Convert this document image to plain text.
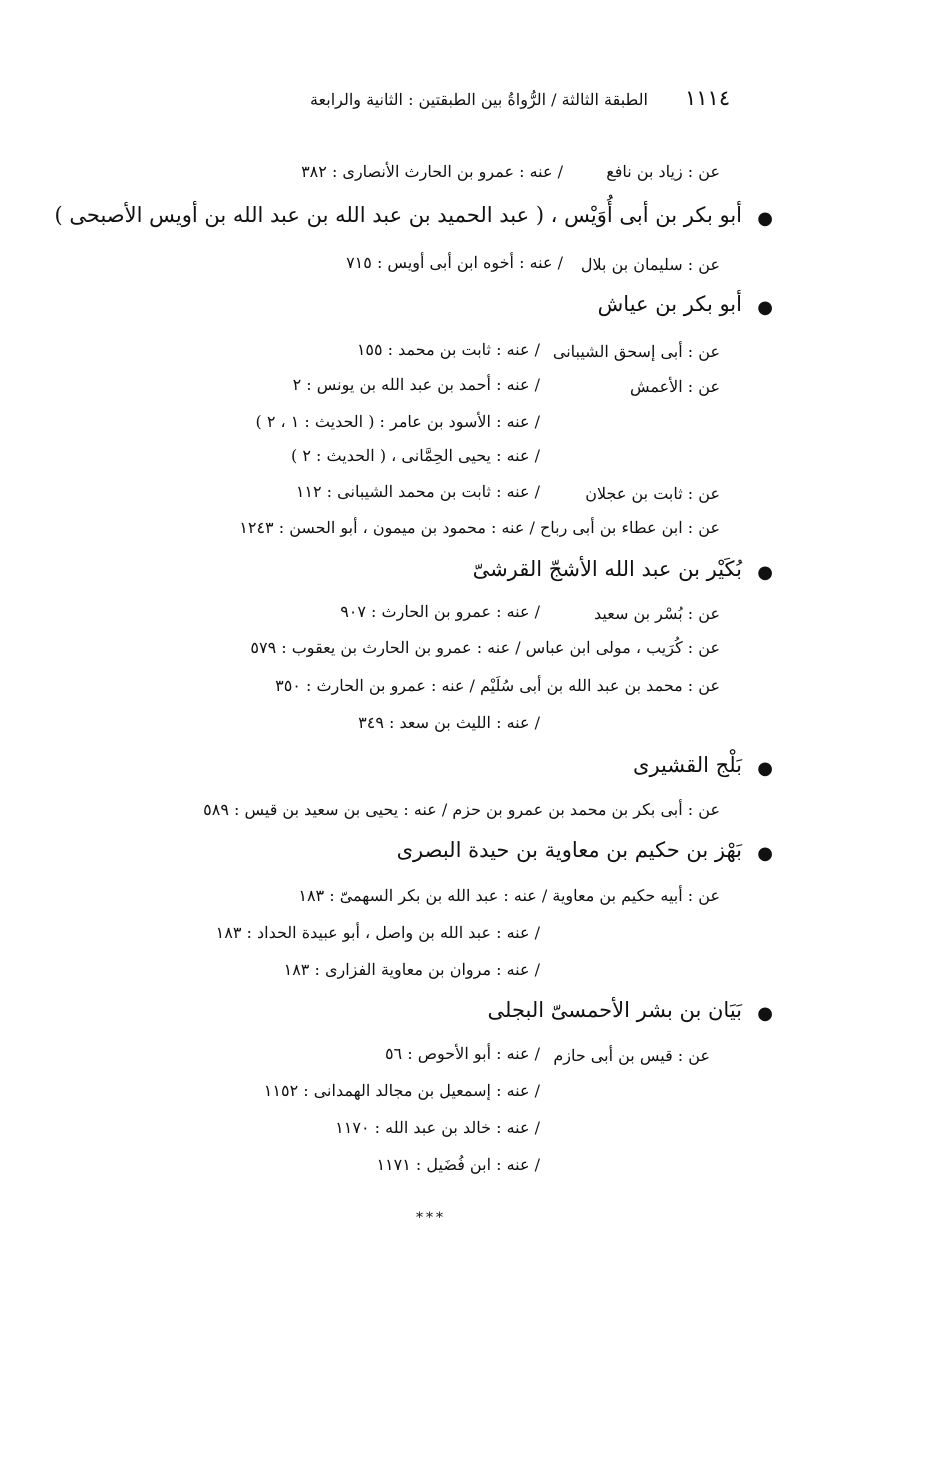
١١١٤
الطبقة الثالثة / الرُّواةُ بين الطبقتين : الثانية والرابعة
عن : زياد بن نافع
/ عنه : عمرو بن الحارث الأنصارى : ٣٨٢
●
أبو بكر بن أبى أُوَيْس ، ( عبد الحميد بن عبد الله بن عبد الله بن أويس الأصبحى )
عن : سليمان بن بلال
/ عنه : أخوه ابن أبى أويس : ٧١٥
●
أبو بكر بن عياش
عن : أبى إسحق الشيبانى
/ عنه : ثابت بن محمد : ١٥٥
عن : الأعمش
/ عنه : أحمد بن عبد الله بن يونس : ٢
/ عنه : الأسود بن عامر : ( الحديث : ١ ، ٢ )
/ عنه : يحيى الحِمَّانى ، ( الحديث : ٢ )
عن : ثابت بن عجلان
/ عنه : ثابت بن محمد الشيبانى : ١١٢
عن : ابن عطاء بن أبى رباح / عنه : محمود بن ميمون ، أبو الحسن : ١٢٤٣
●
بُكَيْر بن عبد الله الأشجّ القرشىّ
عن : بُسْر بن سعيد
/ عنه : عمرو بن الحارث : ٩٠٧
عن : كُرَيب ، مولى ابن عباس / عنه : عمرو بن الحارث بن يعقوب : ٥٧٩
عن : محمد بن عبد الله بن أبى سُلَيْم / عنه : عمرو بن الحارث : ٣٥٠
/ عنه : الليث بن سعد : ٣٤٩
●
بَلْج القشيرى
عن : أبى بكر بن محمد بن عمرو بن حزم / عنه : يحيى بن سعيد بن قيس : ٥٨٩
●
بَهْز بن حكيم بن معاوية بن حيدة البصرى
عن : أبيه حكيم بن معاوية / عنه : عبد الله بن بكر السهمىّ : ١٨٣
/ عنه : عبد الله بن واصل ، أبو عبيدة الحداد : ١٨٣
/ عنه : مروان بن معاوية الفزارى : ١٨٣
●
بَيَان بن بشر الأحمسىّ البجلى
عن : قيس بن أبى حازم
/ عنه : أبو الأحوص : ٥٦
/ عنه : إسمعيل بن مجالد الهمدانى : ١١٥٢
/ عنه : خالد بن عبد الله : ١١٧٠
/ عنه : ابن فُضَيل : ١١٧١
***
